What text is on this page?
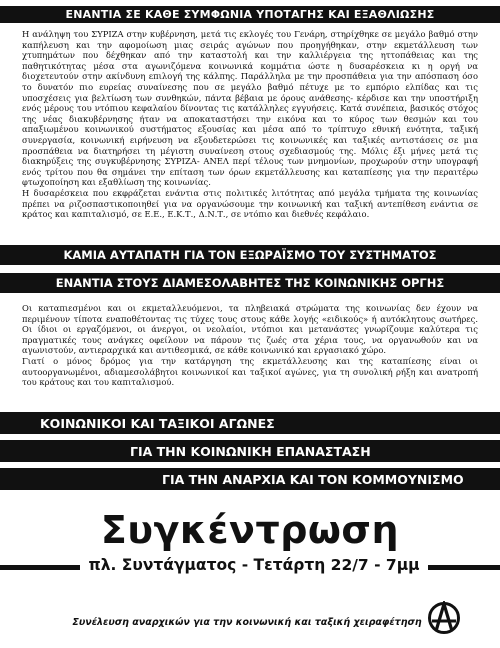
ΕΝΑΝΤΙΑ ΣΕ ΚΑΘΕ ΣΥΜΦΩΝΙΑ ΥΠΟΤΑΓΗΣ ΚΑΙ ΕΞΑΘΛΙΩΣΗΣ

Η ανάληψη του ΣΥΡΙΖΑ στην κυβέρνηση, μετά τις εκλογές του Γενάρη, στηρίχθηκε σε μεγάλο βαθμό στην καπήλευση και την αφομοίωση μιας σειράς αγώνων που προηγήθηκαν, στην εκμετάλλευση των χτυπημάτων που δέχθηκαν από την καταστολή και την καλλιέργεια της ηττοπάθειας και της παθητικότητας μέσα στα αγωνιζόμενα κοινωνικά κομμάτια ώστε η δυσαρέσκεια κι η οργή να διοχετευτούν στην ακίνδυνη επιλογή της κάλπης. Παράλληλα με την προσπάθεια για την απόσπαση όσο το δυνατόν πιο ευρείας συναίνεσης που σε μεγάλο βαθμό πέτυχε με το εμπόριο ελπίδας και τις υποσχέσεις για βελτίωση των συνθηκών, πάντα βέβαια με όρους ανάθεσης- κέρδισε και την υποστήριξη ενός μέρους του ντόπιου κεφαλαίου δίνοντας τις κατάλληλες εγγυήσεις. Κατά συνέπεια, βασικός στόχος της νέας διακυβέρνησης ήταν να αποκαταστήσει την εικόνα και το κύρος των θεσμών και του απαξιωμένου κοινωνικού συστήματος εξουσίας και μέσα από το τρίπτυχο εθνική ενότητα, ταξική συνεργασία, κοινωνική ειρήνευση να εξουδετερώσει τις κοινωνικές και ταξικές αντιστάσεις σε μια προσπάθεια να διατηρήσει τη μέγιστη συναίνεση στους σχεδιασμούς της. Μόλις έξι μήνες μετά τις διακηρύξεις της συγκυβέρνησης ΣΥΡΙΖΑ- ΑΝΕΛ περί τέλους των μνημονίων, προχωρούν στην υπογραφή ενός τρίτου που θα σημάνει την επίταση των όρων εκμετάλλευσης και καταπίεσης για την περαιτέρω φτωχοποίηση και εξαθλίωση της κοινωνίας.

Η δυσαρέσκεια που εκφράζεται ενάντια στις πολιτικές λιτότητας από μεγάλα τμήματα της κοινωνίας πρέπει να ριζοσπαστικοποιηθεί για να οργανώσουμε την κοινωνική και ταξική αντεπίθεση ενάντια σε κράτος και καπιταλισμό, σε Ε.Ε., Ε.Κ.Τ., Δ.Ν.Τ., σε ντόπιο και διεθνές κεφάλαιο.

ΚΑΜΙΑ ΑΥΤΑΠΑΤΗ ΓΙΑ ΤΟΝ ΕΞΩΡΑΪΣΜΟ ΤΟΥ ΣΥΣΤΗΜΑΤΟΣ
ΕΝΑΝΤΙΑ ΣΤΟΥΣ ΔΙΑΜΕΣΟΛΑΒΗΤΕΣ ΤΗΣ ΚΟΙΝΩΝΙΚΗΣ ΟΡΓΗΣ

Οι καταπιεσμένοι και οι εκμεταλλευόμενοι, τα πληβειακά στρώματα της κοινωνίας δεν έχουν να περιμένουν τίποτα εναποθέτοντας τις τύχες τους στους κάθε λογής «ειδικούς» ή αυτόκλητους σωτήρες. Οι ίδιοι οι εργαζόμενοι, οι άνεργοι, οι νεολαίοι, ντόπιοι και μετανάστες γνωρίζουμε καλύτερα τις πραγματικές τους ανάγκες οφείλουν να πάρουν τις ζωές στα χέρια τους, να οργανωθούν και να αγωνιστούν, αντιεραρχικά και αντιθεσμικά, σε κάθε κοινωνικό και εργασιακό χώρο.

Γιατί ο μόνος δρόμος για την κατάργηση της εκμετάλλευσης και της καταπίεσης είναι οι αυτοοργανωμένοι, αδιαμεσολάβητοι κοινωνικοί και ταξικοί αγώνες, για τη συνολική ρήξη και ανατροπή του κράτους και του καπιταλισμού.

ΚΟΙΝΩΝΙΚΟΙ ΚΑΙ ΤΑΞΙΚΟΙ ΑΓΩΝΕΣ
ΓΙΑ ΤΗΝ ΚΟΙΝΩΝΙΚΗ ΕΠΑΝΑΣΤΑΣΗ
ΓΙΑ ΤΗΝ ΑΝΑΡΧΙΑ ΚΑΙ ΤΟΝ ΚΟΜΜΟΥΝΙΣΜΟ
Συγκέντρωση
πλ. Συντάγματος - Τετάρτη 22/7 - 7μμ
Συνέλευση αναρχικών για την κοινωνική και ταξική χειραφέτηση
